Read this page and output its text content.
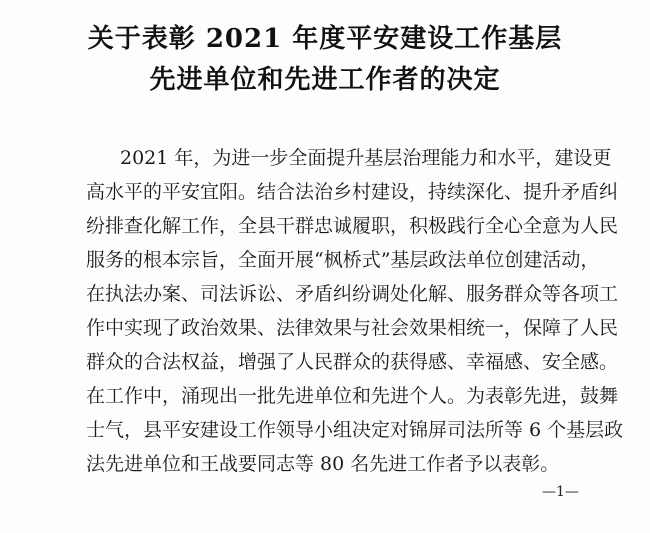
关于表彰 2021 年度平安建设工作基层
先进单位和先进工作者的决定
2021 年，为进一步全面提升基层治理能力和水平，建设更
高水平的平安宜阳。结合法治乡村建设，持续深化、提升矛盾纠
纷排查化解工作，全县干群忠诚履职，积极践行全心全意为人民
服务的根本宗旨，全面开展“枫桥式”基层政法单位创建活动，
在执法办案、司法诉讼、矛盾纠纷调处化解、服务群众等各项工
作中实现了政治效果、法律效果与社会效果相统一，保障了人民
群众的合法权益，增强了人民群众的获得感、幸福感、安全感。
在工作中，涌现出一批先进单位和先进个人。为表彰先进，鼓舞
士气，县平安建设工作领导小组决定对锦屏司法所等 6 个基层政
法先进单位和王战要同志等 80 名先进工作者予以表彰。
—1—
